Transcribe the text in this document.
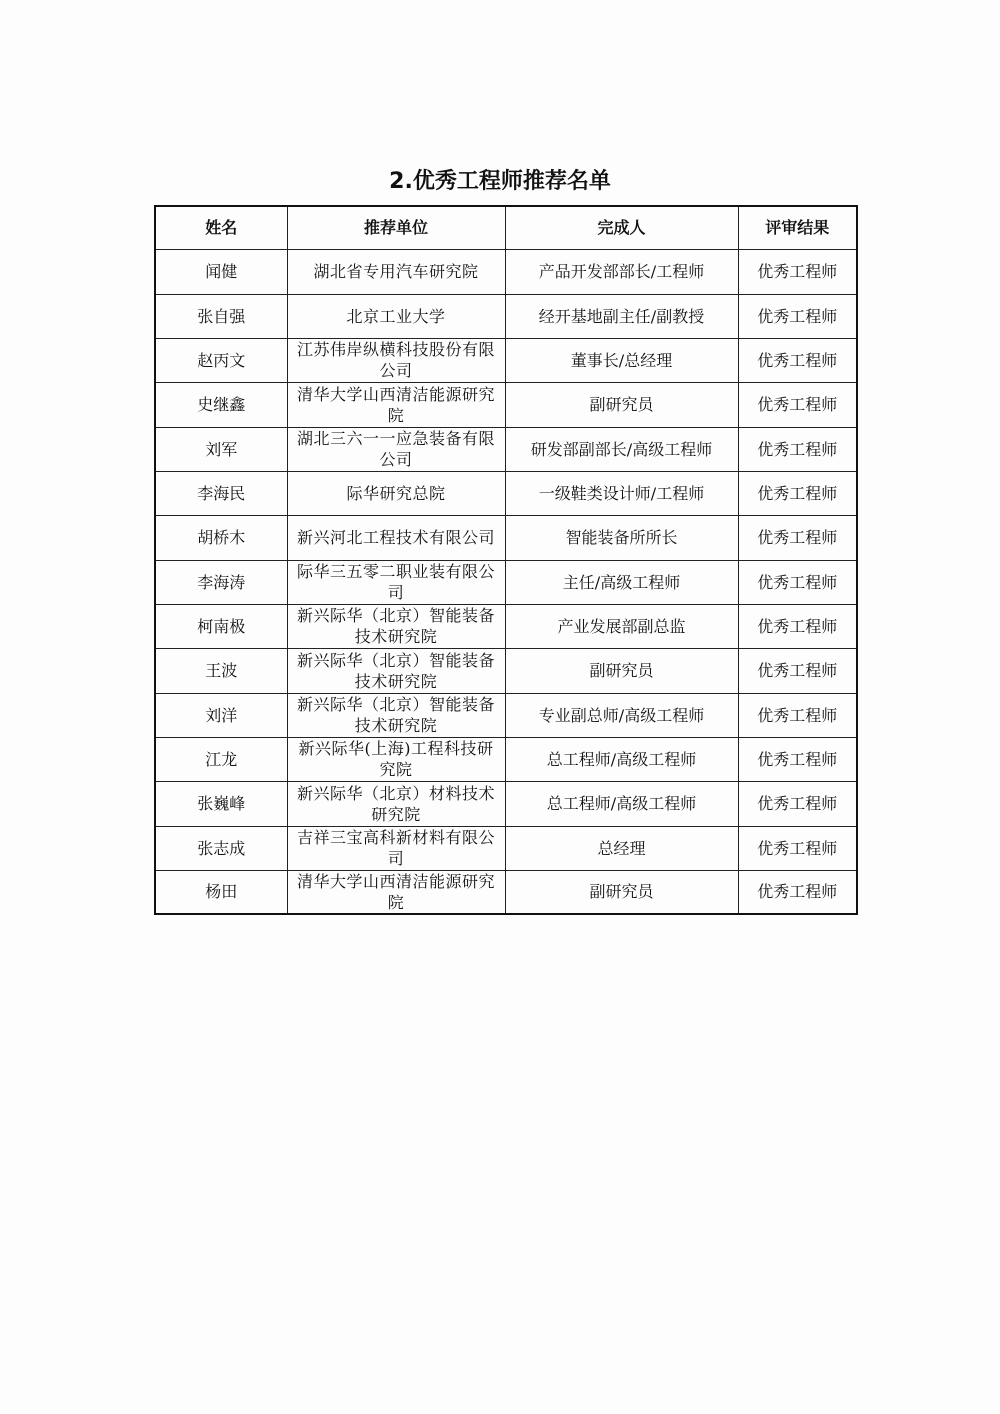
2.优秀工程师推荐名单
姓名	推荐单位	完成人	评审结果
闻健	湖北省专用汽车研究院	产品开发部部长/工程师	优秀工程师
张自强	北京工业大学	经开基地副主任/副教授	优秀工程师
赵丙文	江苏伟岸纵横科技股份有限公司	董事长/总经理	优秀工程师
史继鑫	清华大学山西清洁能源研究院	副研究员	优秀工程师
刘军	湖北三六一一应急装备有限公司	研发部副部长/高级工程师	优秀工程师
李海民	际华研究总院	一级鞋类设计师/工程师	优秀工程师
胡桥木	新兴河北工程技术有限公司	智能装备所所长	优秀工程师
李海涛	际华三五零二职业装有限公司	主任/高级工程师	优秀工程师
柯南极	新兴际华（北京）智能装备技术研究院	产业发展部副总监	优秀工程师
王波	新兴际华（北京）智能装备技术研究院	副研究员	优秀工程师
刘洋	新兴际华（北京）智能装备技术研究院	专业副总师/高级工程师	优秀工程师
江龙	新兴际华(上海)工程科技研究院	总工程师/高级工程师	优秀工程师
张巍峰	新兴际华（北京）材料技术研究院	总工程师/高级工程师	优秀工程师
张志成	吉祥三宝高科新材料有限公司	总经理	优秀工程师
杨田	清华大学山西清洁能源研究院	副研究员	优秀工程师
